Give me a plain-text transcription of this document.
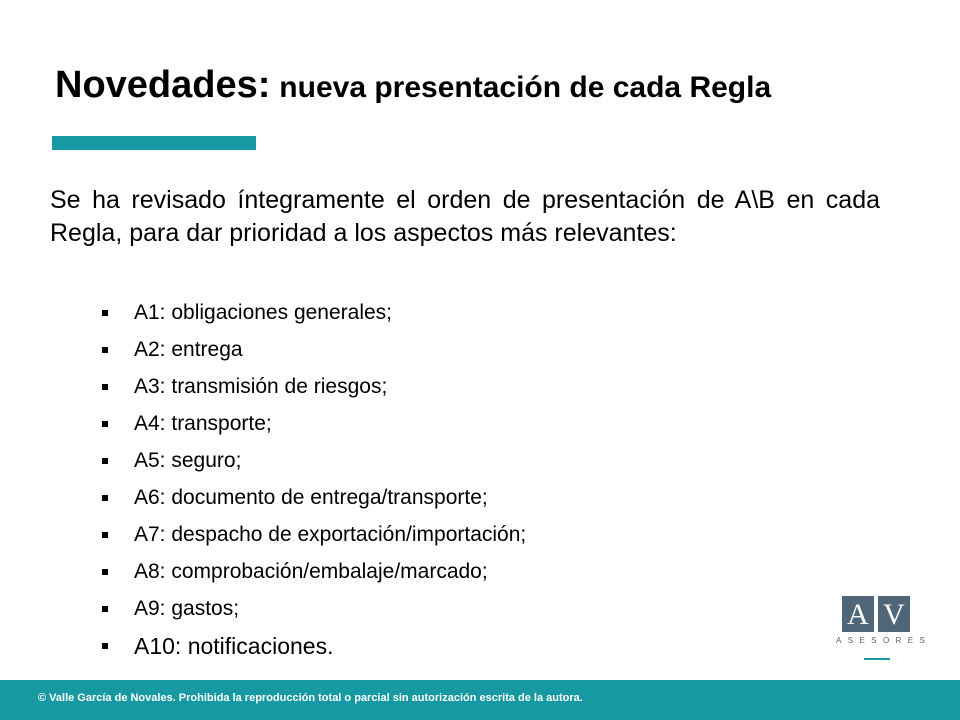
Novedades: nueva presentación de cada Regla

Se ha revisado íntegramente el orden de presentación de A\B en cada Regla, para dar prioridad a los aspectos más relevantes:

A1: obligaciones generales;
A2: entrega
A3: transmisión de riesgos;
A4: transporte;
A5: seguro;
A6: documento de entrega/transporte;
A7: despacho de exportación/importación;
A8: comprobación/embalaje/marcado;
A9: gastos;
A10: notificaciones.
A V
ASESORES
© Valle García de Novales. Prohibida la reproducción total o parcial sin autorización escrita de la autora.
